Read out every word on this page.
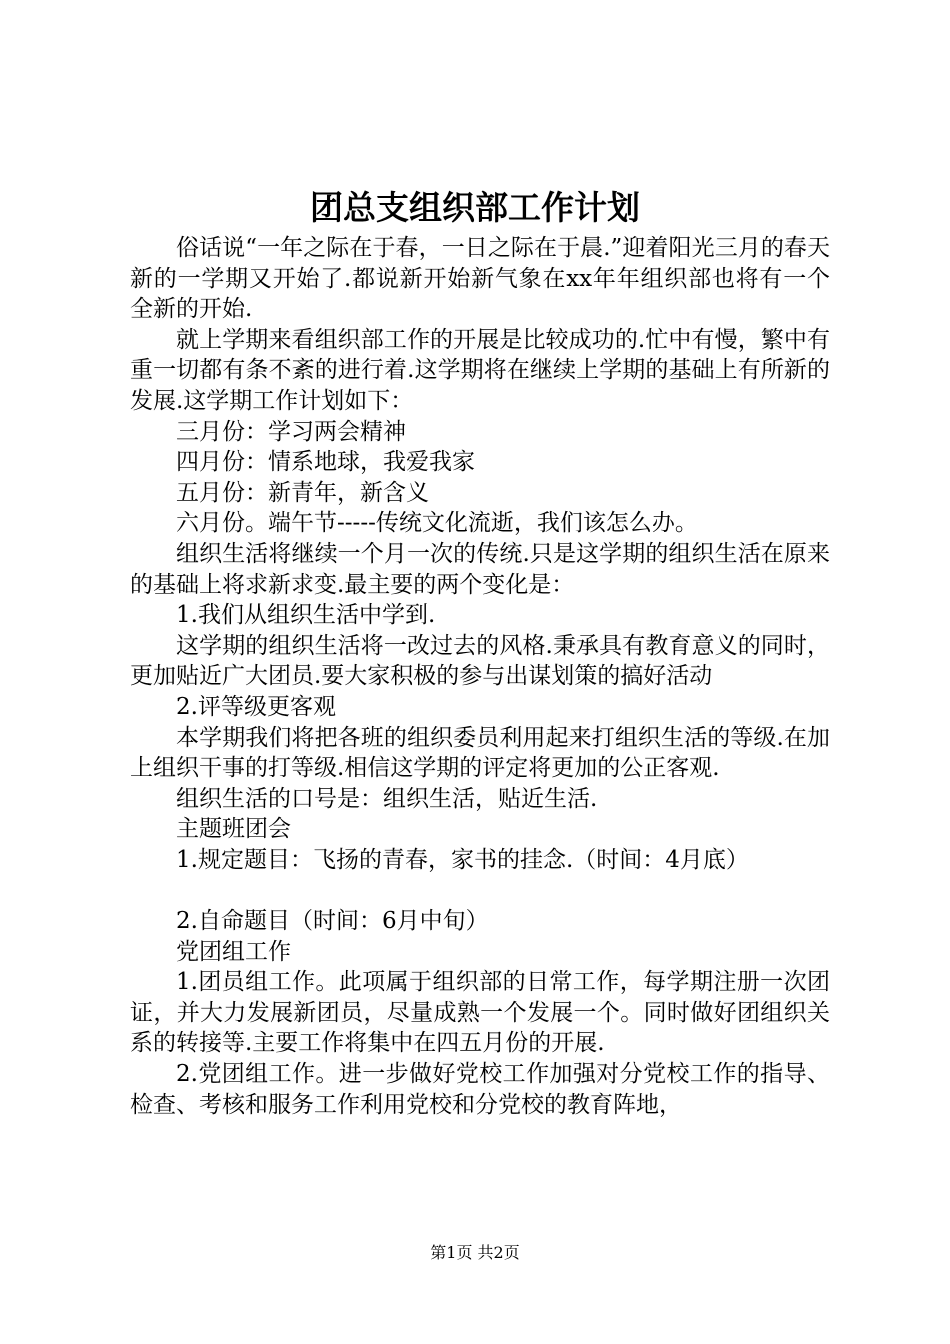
团总支组织部工作计划

俗话说“一年之际在于春，一日之际在于晨.”迎着阳光三月的春天新的一学期又开始了.都说新开始新气象在xx年年组织部也将有一个全新的开始.

就上学期来看组织部工作的开展是比较成功的.忙中有慢，繁中有重一切都有条不紊的进行着.这学期将在继续上学期的基础上有所新的发展.这学期工作计划如下：

三月份：学习两会精神

四月份：情系地球，我爱我家

五月份：新青年，新含义

六月份。端午节-----传统文化流逝，我们该怎么办。

组织生活将继续一个月一次的传统.只是这学期的组织生活在原来的基础上将求新求变.最主要的两个变化是：

1.我们从组织生活中学到.

这学期的组织生活将一改过去的风格.秉承具有教育意义的同时，更加贴近广大团员.要大家积极的参与出谋划策的搞好活动

2.评等级更客观

本学期我们将把各班的组织委员利用起来打组织生活的等级.在加上组织干事的打等级.相信这学期的评定将更加的公正客观.

组织生活的口号是：组织生活，贴近生活.

主题班团会

1.规定题目：飞扬的青春，家书的挂念.（时间：4月底）

2.自命题目（时间：6月中旬）

党团组工作

1.团员组工作。此项属于组织部的日常工作，每学期注册一次团证，并大力发展新团员，尽量成熟一个发展一个。同时做好团组织关系的转接等.主要工作将集中在四五月份的开展.

2.党团组工作。进一步做好党校工作加强对分党校工作的指导、检查、考核和服务工作利用党校和分党校的教育阵地，

第1页 共2页
